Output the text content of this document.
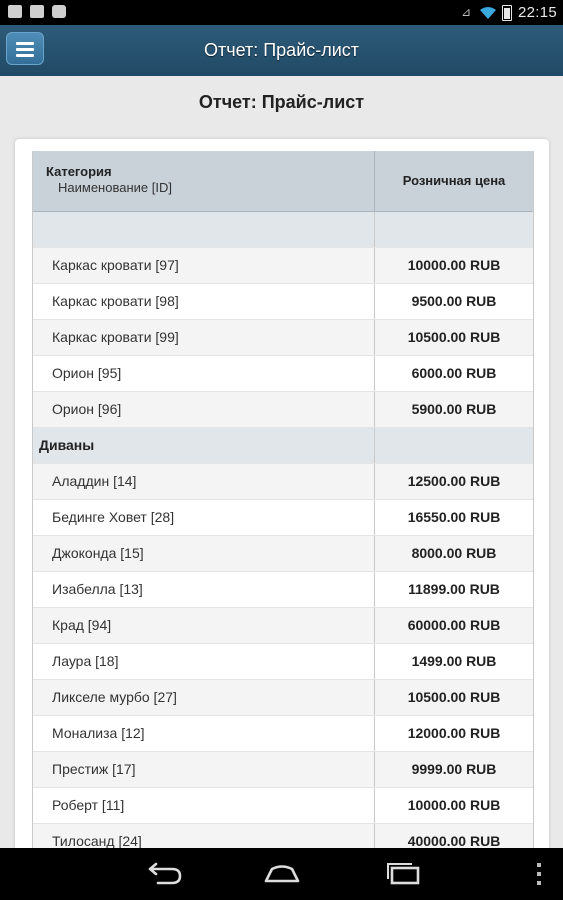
⊿	22:15
Отчет: Прайс-лист
Отчет: Прайс-лист
Категория
Наименование [ID]	Розничная цена
Каркас кровати [97]	10000.00 RUB
Каркас кровати [98]	9500.00 RUB
Каркас кровати [99]	10500.00 RUB
Орион [95]	6000.00 RUB
Орион [96]	5900.00 RUB
Диваны
Аладдин [14]	12500.00 RUB
Бединге Ховет [28]	16550.00 RUB
Джоконда [15]	8000.00 RUB
Изабелла [13]	11899.00 RUB
Крад [94]	60000.00 RUB
Лаура [18]	1499.00 RUB
Ликселе мурбо [27]	10500.00 RUB
Монализа [12]	12000.00 RUB
Престиж [17]	9999.00 RUB
Роберт [11]	10000.00 RUB
Тилосанд [24]	40000.00 RUB
